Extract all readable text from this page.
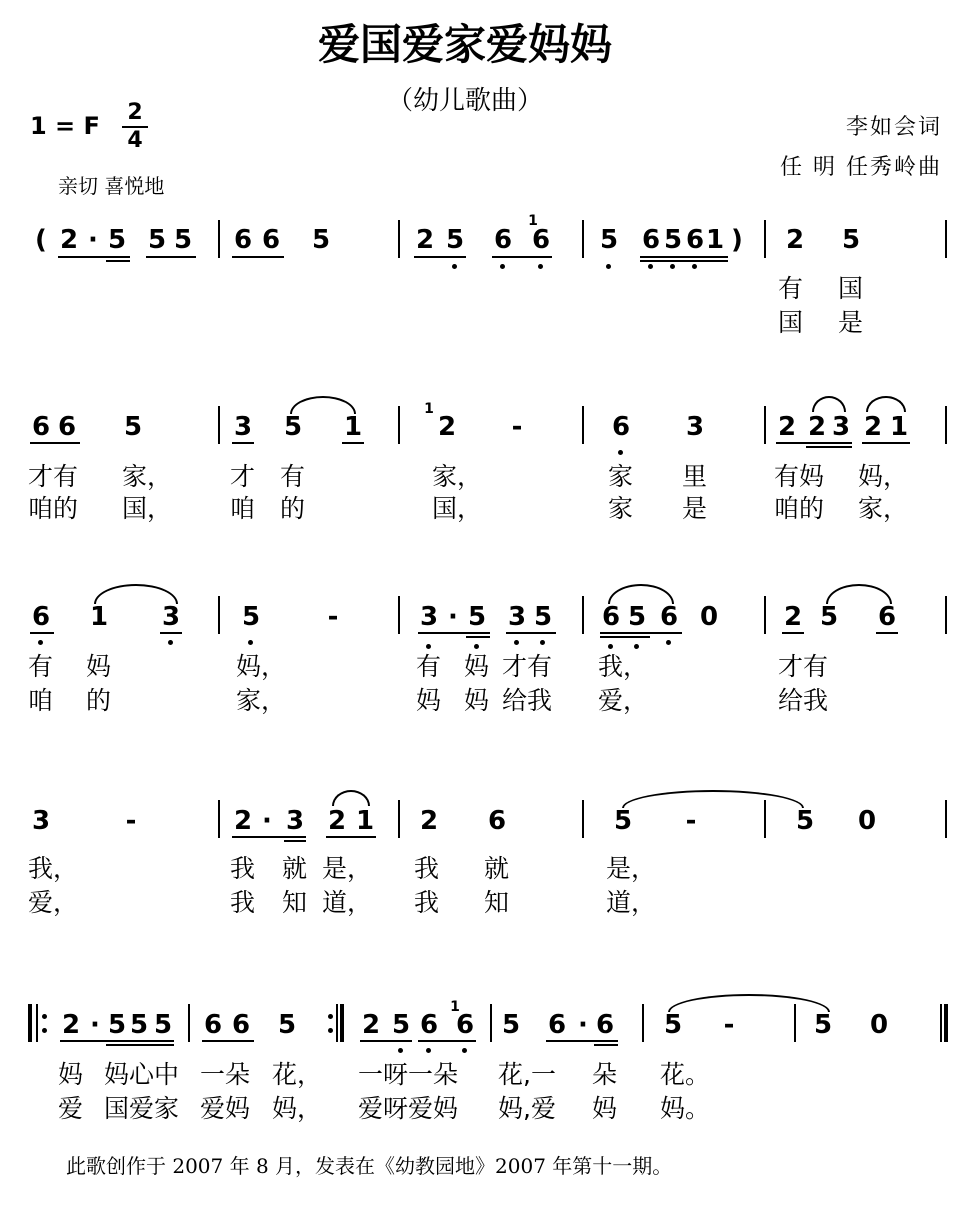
爱国爱家爱妈妈
（幼儿歌曲）
1 = F	2
4
亲切 喜悦地
李如会词
任 明 任秀岭曲
( 2 · 5 5 5 6 6 5	2 5 6 6 5 6 5 6 1 ) 2 5
1
有 国
国 是
6 6 5	3 5 1	2 -	6 3	2 2 3 2 1
1
才有 家， 才 有	家，	家 里	有妈 妈，
咱的 国， 咱 的	国，	家 是	咱的 家，
6 1 3 5	-	3 · 5 3 5 6 5 6 0	2 5 6
有 妈	妈，	有 妈 才有 我，	才有
咱 的	家，	妈 妈 给我 爱，	给我
3	-	2 · 3 2 1 2 6	5 -	5 0
我，	我 就 是， 我 就	是，
爱，	我 知 道， 我 知	道，
2 · 5 5 5 6 6 5	2 5 6 6 5 6 · 6 5 -	5 0
1
妈 妈心中 一朵 花， 一呀一朵 花,一 朵 花。
爱 国爱家 爱妈 妈， 爱呀爱妈 妈,爱 妈 妈。
此歌创作于 2007 年 8 月，发表在《幼教园地》2007 年第十一期。
